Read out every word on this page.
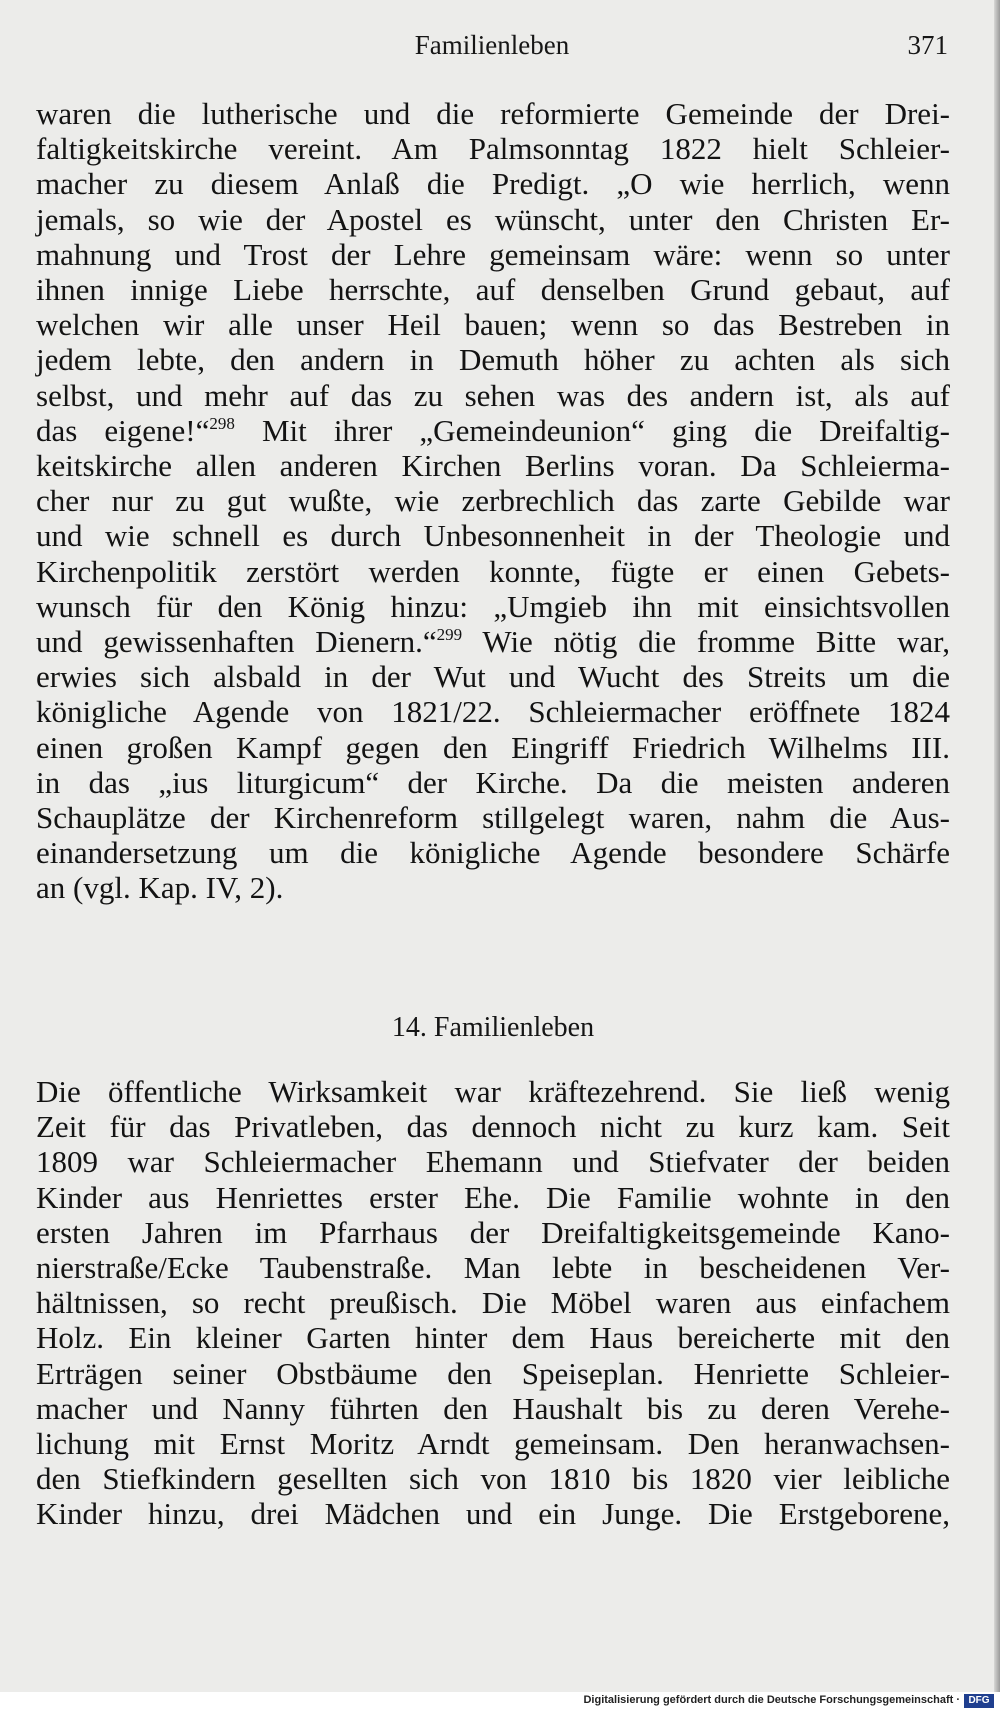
Familienleben	371
waren die lutherische und die reformierte Gemeinde der Drei-
faltigkeitskirche vereint. Am Palmsonntag 1822 hielt Schleier-
macher zu diesem Anlaß die Predigt. „O wie herrlich, wenn
jemals, so wie der Apostel es wünscht, unter den Christen Er-
mahnung und Trost der Lehre gemeinsam wäre: wenn so unter
ihnen innige Liebe herrschte, auf denselben Grund gebaut, auf
welchen wir alle unser Heil bauen; wenn so das Bestreben in
jedem lebte, den andern in Demuth höher zu achten als sich
selbst, und mehr auf das zu sehen was des andern ist, als auf
das eigene!“$^{298}$ Mit ihrer „Gemeindeunion“ ging die Dreifaltig-
keitskirche allen anderen Kirchen Berlins voran. Da Schleierma-
cher nur zu gut wußte, wie zerbrechlich das zarte Gebilde war
und wie schnell es durch Unbesonnenheit in der Theologie und
Kirchenpolitik zerstört werden konnte, fügte er einen Gebets-
wunsch für den König hinzu: „Umgieb ihn mit einsichtsvollen
und gewissenhaften Dienern.“$^{299}$ Wie nötig die fromme Bitte war,
erwies sich alsbald in der Wut und Wucht des Streits um die
königliche Agende von 1821/22. Schleiermacher eröffnete 1824
einen großen Kampf gegen den Eingriff Friedrich Wilhelms III.
in das „ius liturgicum“ der Kirche. Da die meisten anderen
Schauplätze der Kirchenreform stillgelegt waren, nahm die Aus-
einandersetzung um die königliche Agende besondere Schärfe
an (vgl. Kap. IV, 2).
14. Familienleben
Die öffentliche Wirksamkeit war kräftezehrend. Sie ließ wenig
Zeit für das Privatleben, das dennoch nicht zu kurz kam. Seit
1809 war Schleiermacher Ehemann und Stiefvater der beiden
Kinder aus Henriettes erster Ehe. Die Familie wohnte in den
ersten Jahren im Pfarrhaus der Dreifaltigkeitsgemeinde Kano-
nierstraße/Ecke Taubenstraße. Man lebte in bescheidenen Ver-
hältnissen, so recht preußisch. Die Möbel waren aus einfachem
Holz. Ein kleiner Garten hinter dem Haus bereicherte mit den
Erträgen seiner Obstbäume den Speiseplan. Henriette Schleier-
macher und Nanny führten den Haushalt bis zu deren Verehe-
lichung mit Ernst Moritz Arndt gemeinsam. Den heranwachsen-
den Stiefkindern gesellten sich von 1810 bis 1820 vier leibliche
Kinder hinzu, drei Mädchen und ein Junge. Die Erstgeborene,
Digitalisierung gefördert durch die Deutsche Forschungsgemeinschaft · DFG
